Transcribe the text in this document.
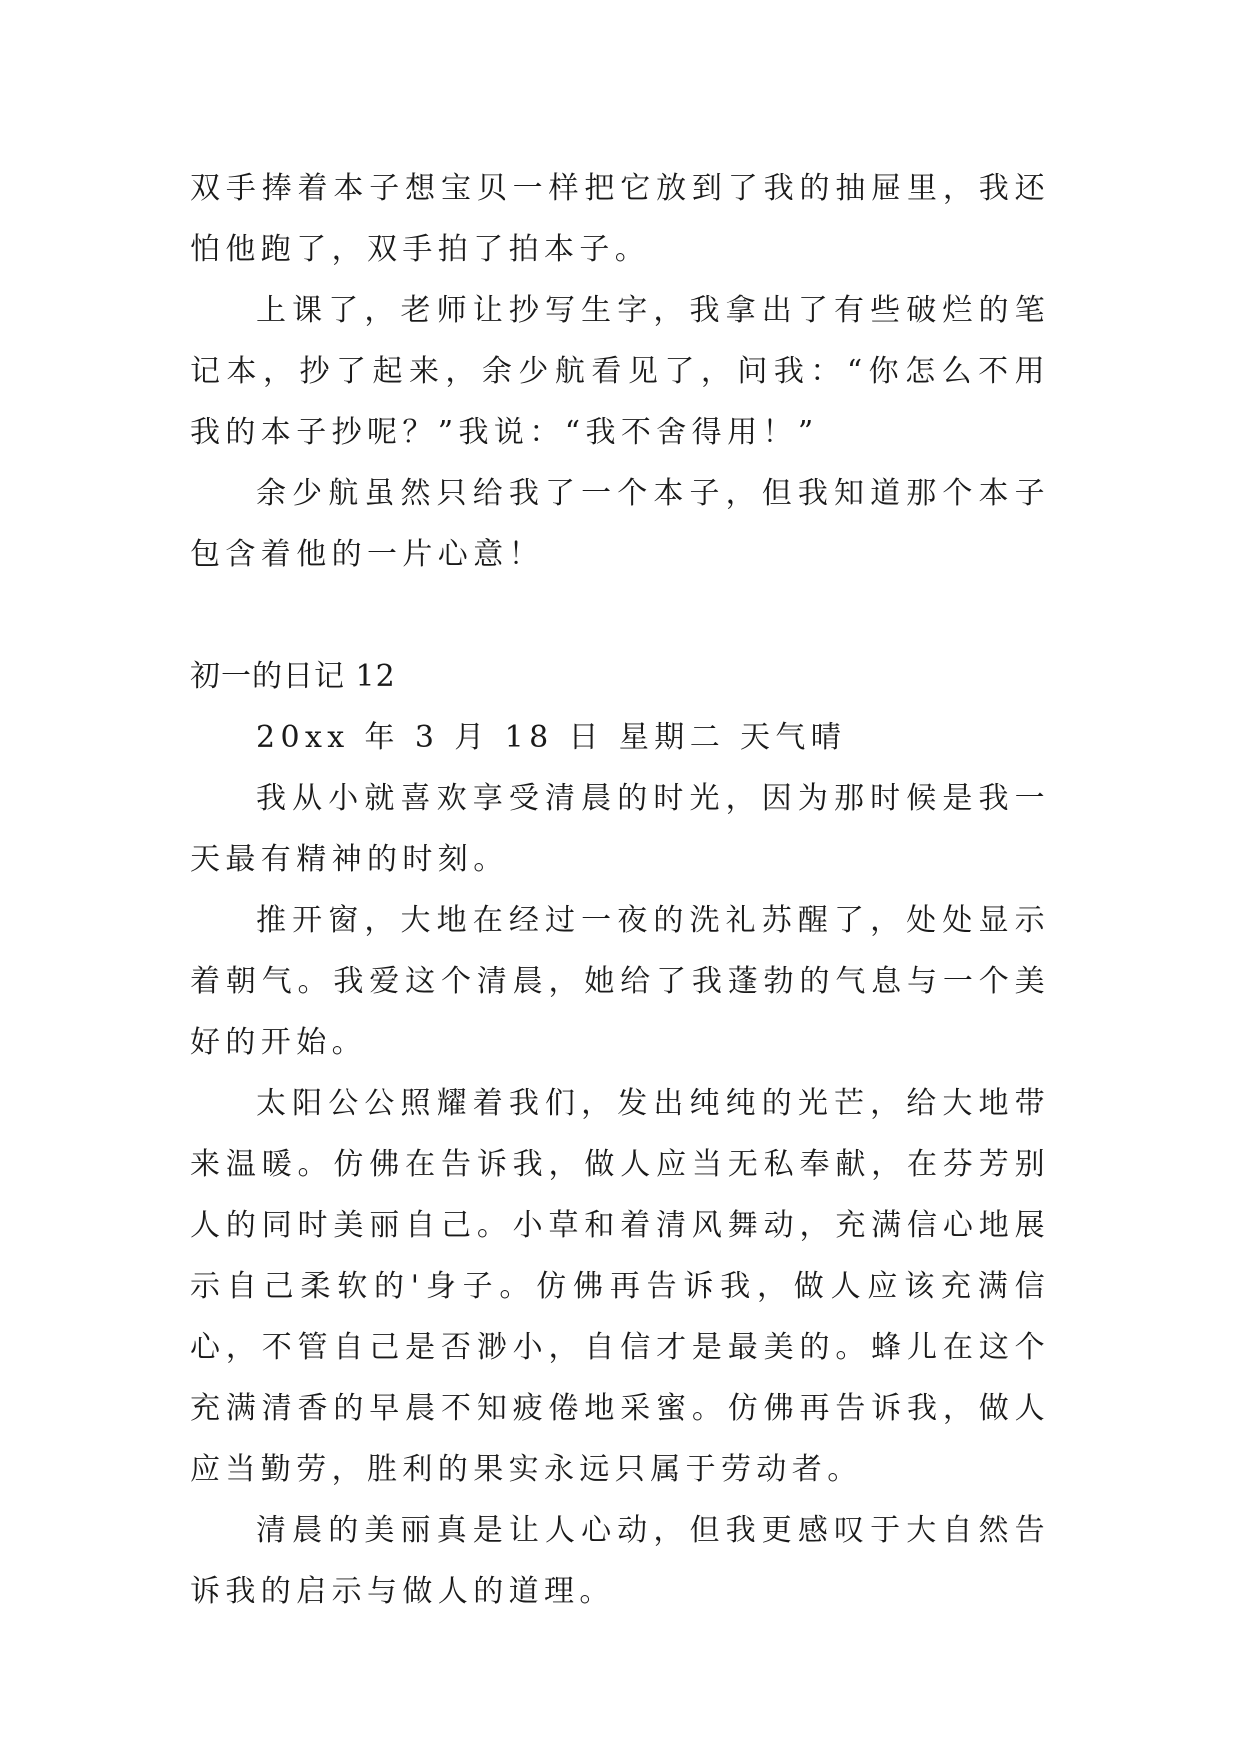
双手捧着本子想宝贝一样把它放到了我的抽屉里，我还怕他跑了，双手拍了拍本子。

上课了，老师让抄写生字，我拿出了有些破烂的笔记本，抄了起来，余少航看见了，问我：“你怎么不用我的本子抄呢？”我说：“我不舍得用！”

余少航虽然只给我了一个本子，但我知道那个本子包含着他的一片心意！

初一的日记 12

20xx 年 3 月 18 日 星期二 天气晴

我从小就喜欢享受清晨的时光，因为那时候是我一天最有精神的时刻。

推开窗，大地在经过一夜的洗礼苏醒了，处处显示着朝气。我爱这个清晨，她给了我蓬勃的气息与一个美好的开始。

太阳公公照耀着我们，发出纯纯的光芒，给大地带来温暖。仿佛在告诉我，做人应当无私奉献，在芬芳别人的同时美丽自己。小草和着清风舞动，充满信心地展示自己柔软的'身子。仿佛再告诉我，做人应该充满信心，不管自己是否渺小，自信才是最美的。蜂儿在这个充满清香的早晨不知疲倦地采蜜。仿佛再告诉我，做人应当勤劳，胜利的果实永远只属于劳动者。

清晨的美丽真是让人心动，但我更感叹于大自然告诉我的启示与做人的道理。
